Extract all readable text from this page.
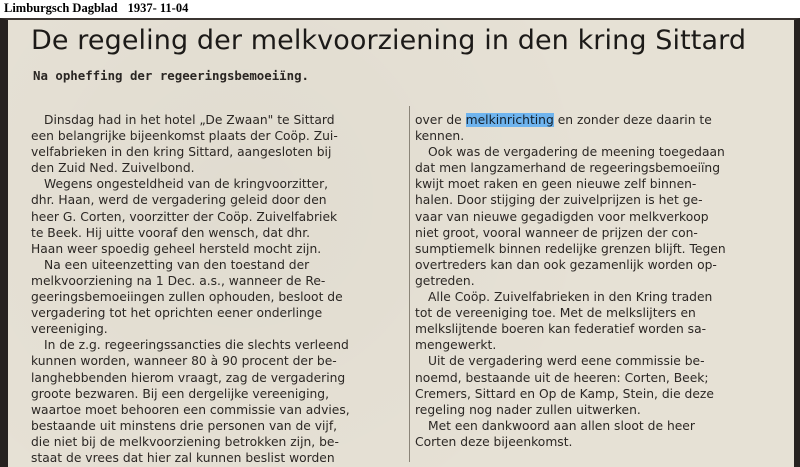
Limburgsch Dagblad 1937- 11-04
De regeling der melkvoorziening in den kring Sittard
Na opheffing der regeeringsbemoeiïng.
Dinsdag had in het hotel „De Zwaan" te Sittard
een belangrijke bijeenkomst plaats der Coöp. Zui-
velfabrieken in den kring Sittard, aangesloten bij
den Zuid Ned. Zuivelbond.
Wegens ongesteldheid van de kringvoorzitter,
dhr. Haan, werd de vergadering geleid door den
heer G. Corten, voorzitter der Coöp. Zuivelfabriek
te Beek. Hij uitte vooraf den wensch, dat dhr.
Haan weer spoedig geheel hersteld mocht zijn.
Na een uiteenzetting van den toestand der
melkvoorziening na 1 Dec. a.s., wanneer de Re-
geeringsbemoeiingen zullen ophouden, besloot de
vergadering tot het oprichten eener onderlinge
vereeniging.
In de z.g. regeeringssancties die slechts verleend
kunnen worden, wanneer 80 à 90 procent der be-
langhebbenden hierom vraagt, zag de vergadering
groote bezwaren. Bij een dergelijke vereeniging,
waartoe moet behooren een commissie van advies,
bestaande uit minstens drie personen van de vijf,
die niet bij de melkvoorziening betrokken zijn, be-
staat de vrees dat hier zal kunnen beslist worden
over de melkinrichting en zonder deze daarin te
kennen.
Ook was de vergadering de meening toegedaan
dat men langzamerhand de regeeringsbemoeiïng
kwijt moet raken en geen nieuwe zelf binnen-
halen. Door stijging der zuivelprijzen is het ge-
vaar van nieuwe gegadigden voor melkverkoop
niet groot, vooral wanneer de prijzen der con-
sumptiemelk binnen redelijke grenzen blijft. Tegen
overtreders kan dan ook gezamenlijk worden op-
getreden.
Alle Coöp. Zuivelfabrieken in den Kring traden
tot de vereeniging toe. Met de melkslijters en
melkslijtende boeren kan federatief worden sa-
mengewerkt.
Uit de vergadering werd eene commissie be-
noemd, bestaande uit de heeren: Corten, Beek;
Cremers, Sittard en Op de Kamp, Stein, die deze
regeling nog nader zullen uitwerken.
Met een dankwoord aan allen sloot de heer
Corten deze bijeenkomst.
